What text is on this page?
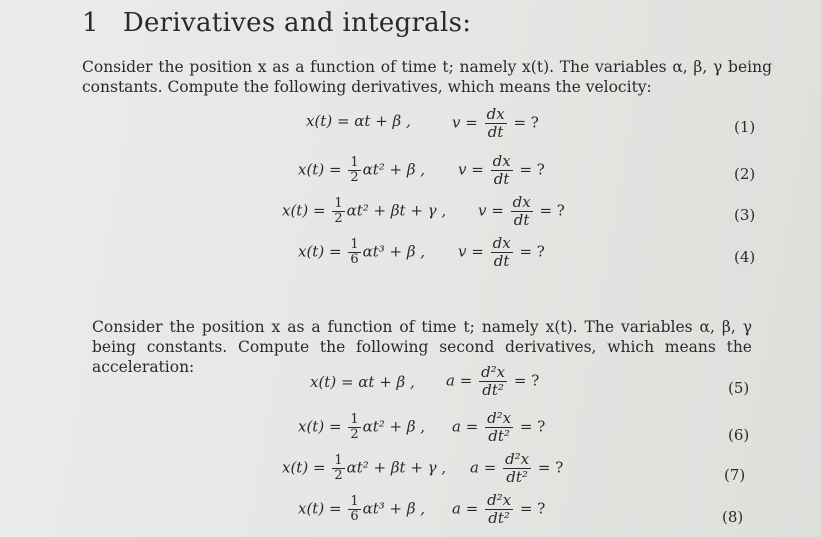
1 Derivatives and integrals:
Consider the position x as a function of time t; namely x(t). The variables α, β, γ being constants. Compute the following derivatives, which means the velocity:
x(t) = αt + β ,	$v = \frac{dx}{dt}$ = ?	(1)
$x(t) = \frac{1}{2} \alpha t^2 + \beta$ , $v = \frac{dx}{dt}$ = ?	(2)
$x(t) = \frac{1}{2} \alpha t^2 + \beta t + \gamma$ , $v = \frac{dx}{dt}$ = ?	(3)
$x(t) = \frac{1}{6} \alpha t^3 + \beta$ , $v = \frac{dx}{dt}$ = ?	(4)
Consider the position x as a function of time t; namely x(t). The variables α, β, γ being constants. Compute the following second derivatives, which means the acceleration:
x(t) = αt + β , $a = \frac{\text{d²x}}{\text{dt²}}$ = ?	(5)
$x(t) = \frac{1}{2} \alpha t^2 + \beta$ , $a = \frac{\text{d²x}}{\text{dt²}}$ = ?	(6)
$x(t) = \frac{1}{2} \alpha t^2 + \beta t + \gamma$ , $a = \frac{\text{d²x}}{\text{dt²}}$ = ?	(7)
$x(t) = \frac{1}{6} \alpha t^3 + \beta$ , $a = \frac{\text{d²x}}{\text{dt²}}$ = ?	(8)
